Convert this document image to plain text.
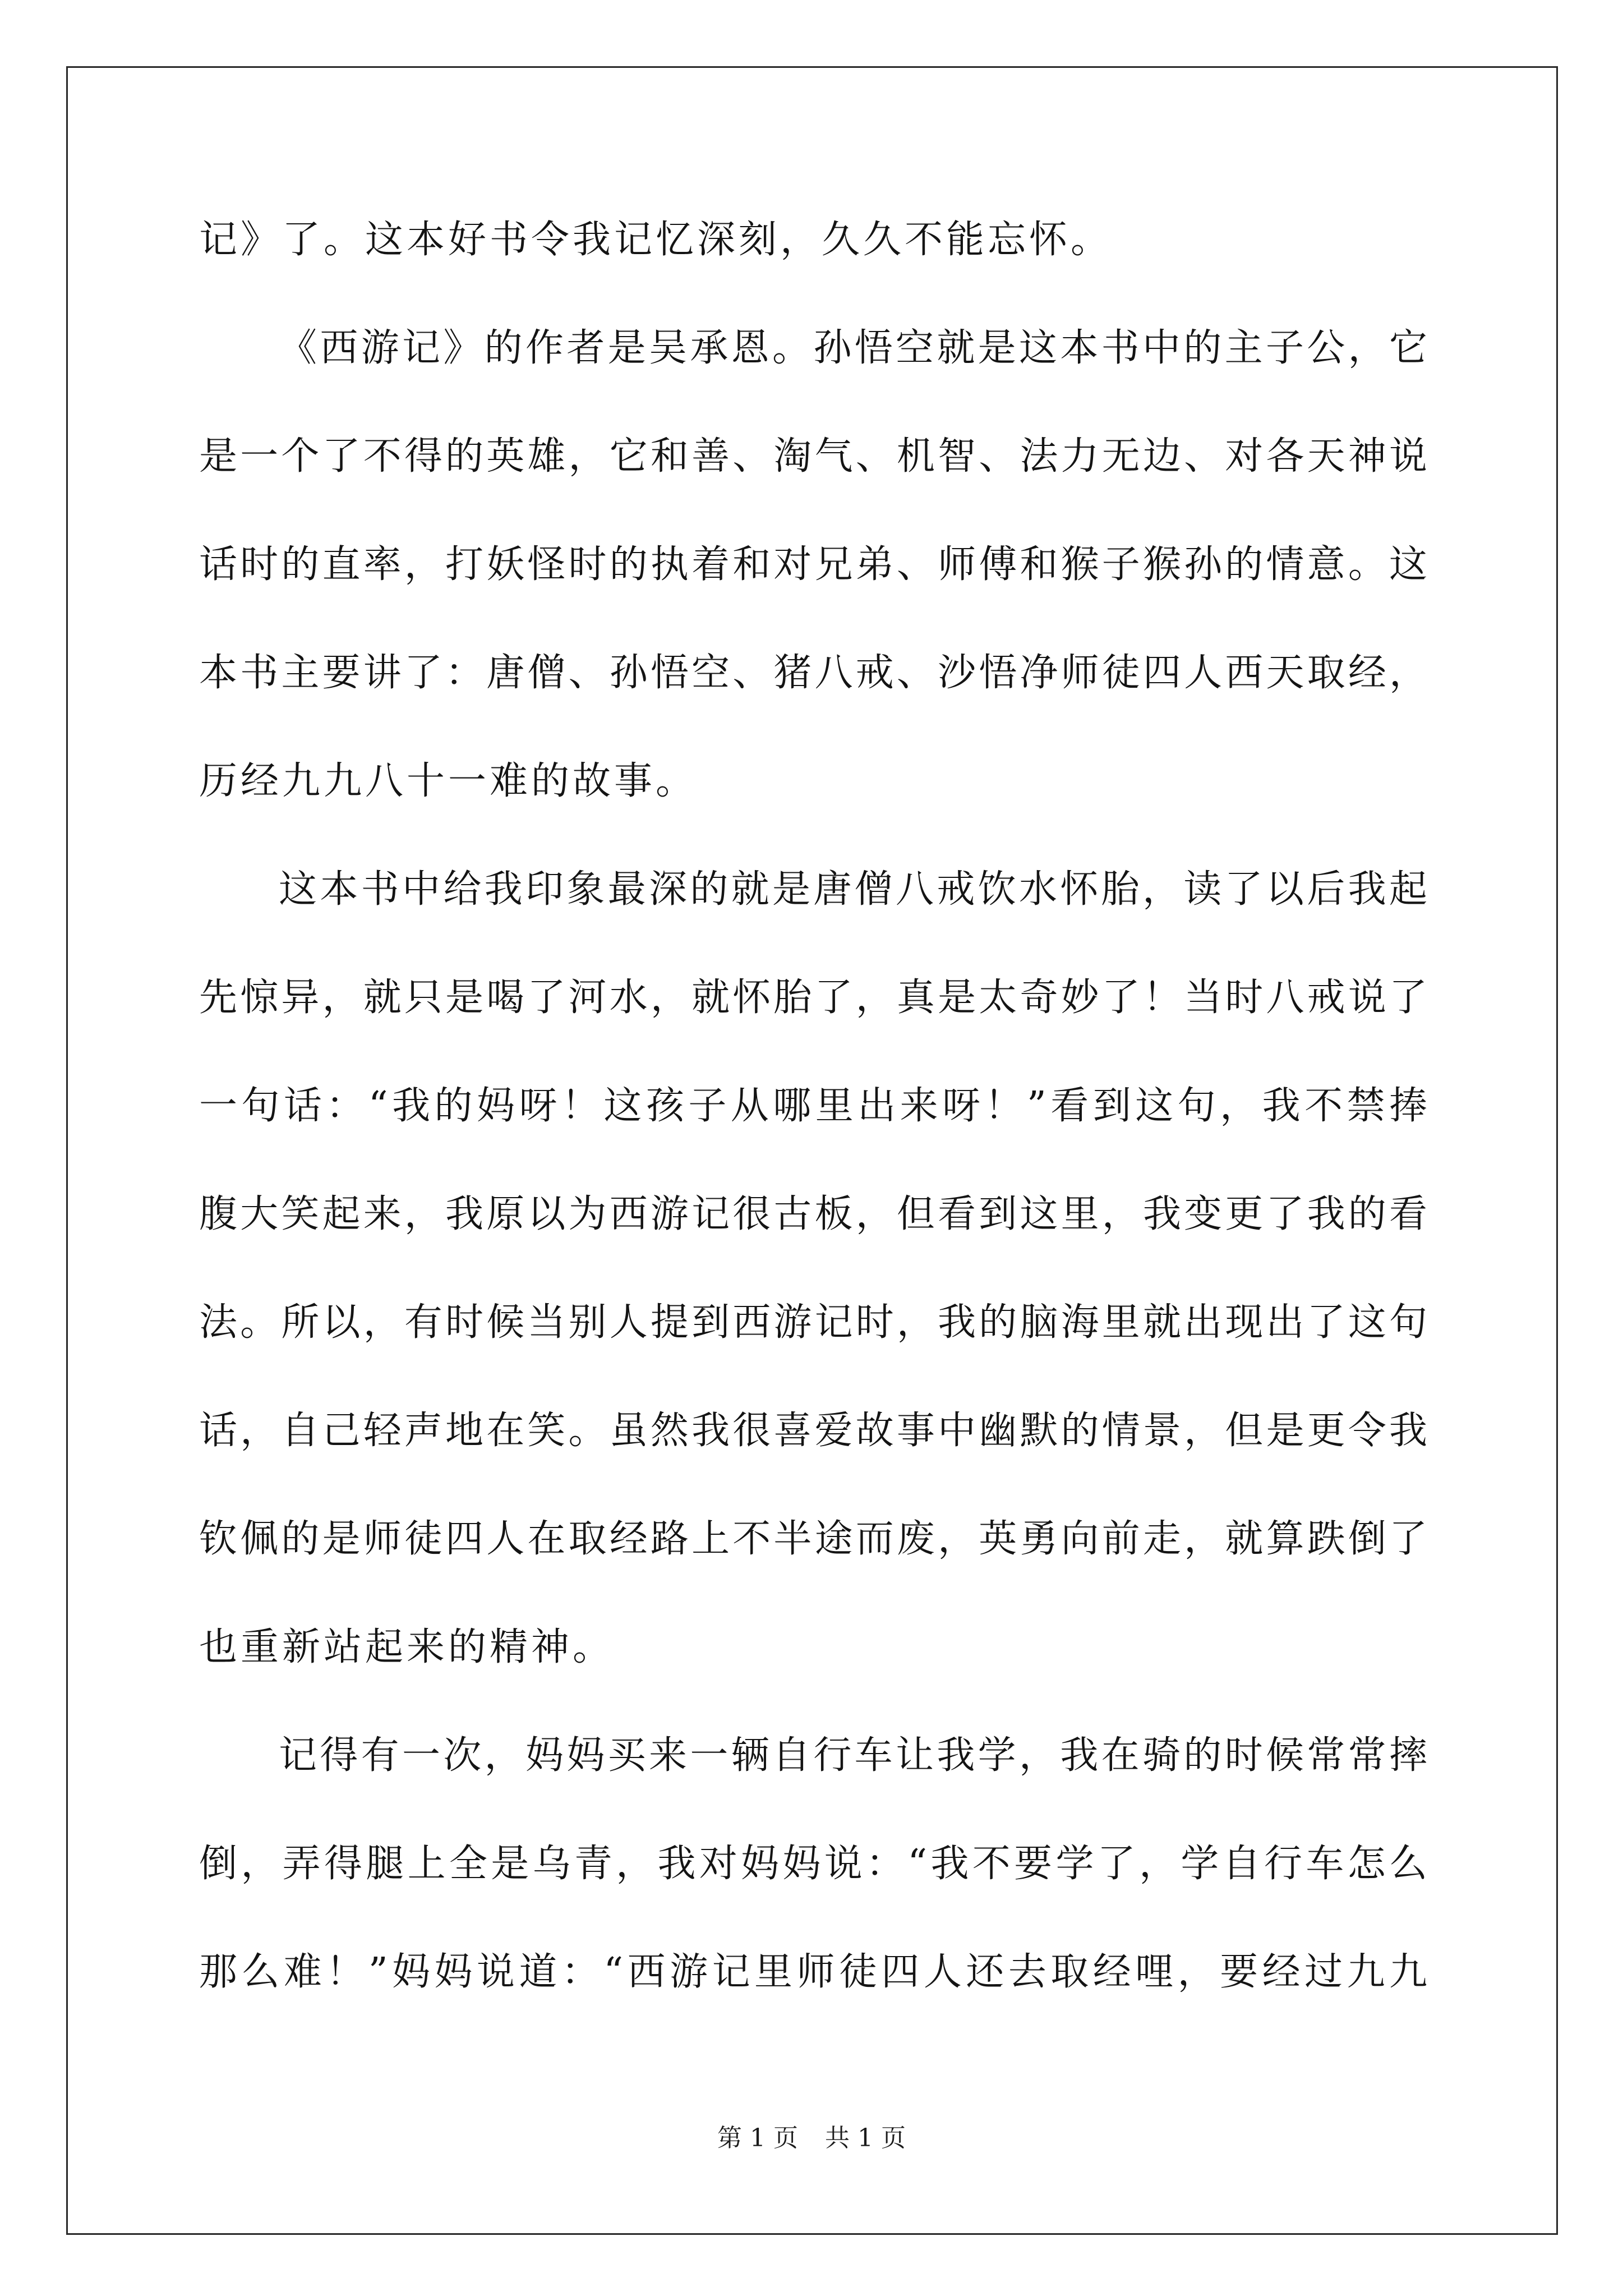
记》了。这本好书令我记忆深刻，久久不能忘怀。
《西游记》的作者是吴承恩。孙悟空就是这本书中的主子公，它
是一个了不得的英雄，它和善、淘气、机智、法力无边、对各天神说
话时的直率，打妖怪时的执着和对兄弟、师傅和猴子猴孙的情意。这
本书主要讲了：唐僧、孙悟空、猪八戒、沙悟净师徒四人西天取经，
历经九九八十一难的故事。
这本书中给我印象最深的就是唐僧八戒饮水怀胎，读了以后我起
先惊异，就只是喝了河水，就怀胎了，真是太奇妙了！当时八戒说了
一句话：“我的妈呀！这孩子从哪里出来呀！”看到这句，我不禁捧
腹大笑起来，我原以为西游记很古板，但看到这里，我变更了我的看
法。所以，有时候当别人提到西游记时，我的脑海里就出现出了这句
话，自己轻声地在笑。虽然我很喜爱故事中幽默的情景，但是更令我
钦佩的是师徒四人在取经路上不半途而废，英勇向前走，就算跌倒了
也重新站起来的精神。
记得有一次，妈妈买来一辆自行车让我学，我在骑的时候常常摔
倒，弄得腿上全是乌青，我对妈妈说：“我不要学了，学自行车怎么
那么难！”妈妈说道：“西游记里师徒四人还去取经哩，要经过九九
第 1 页 共 1 页
